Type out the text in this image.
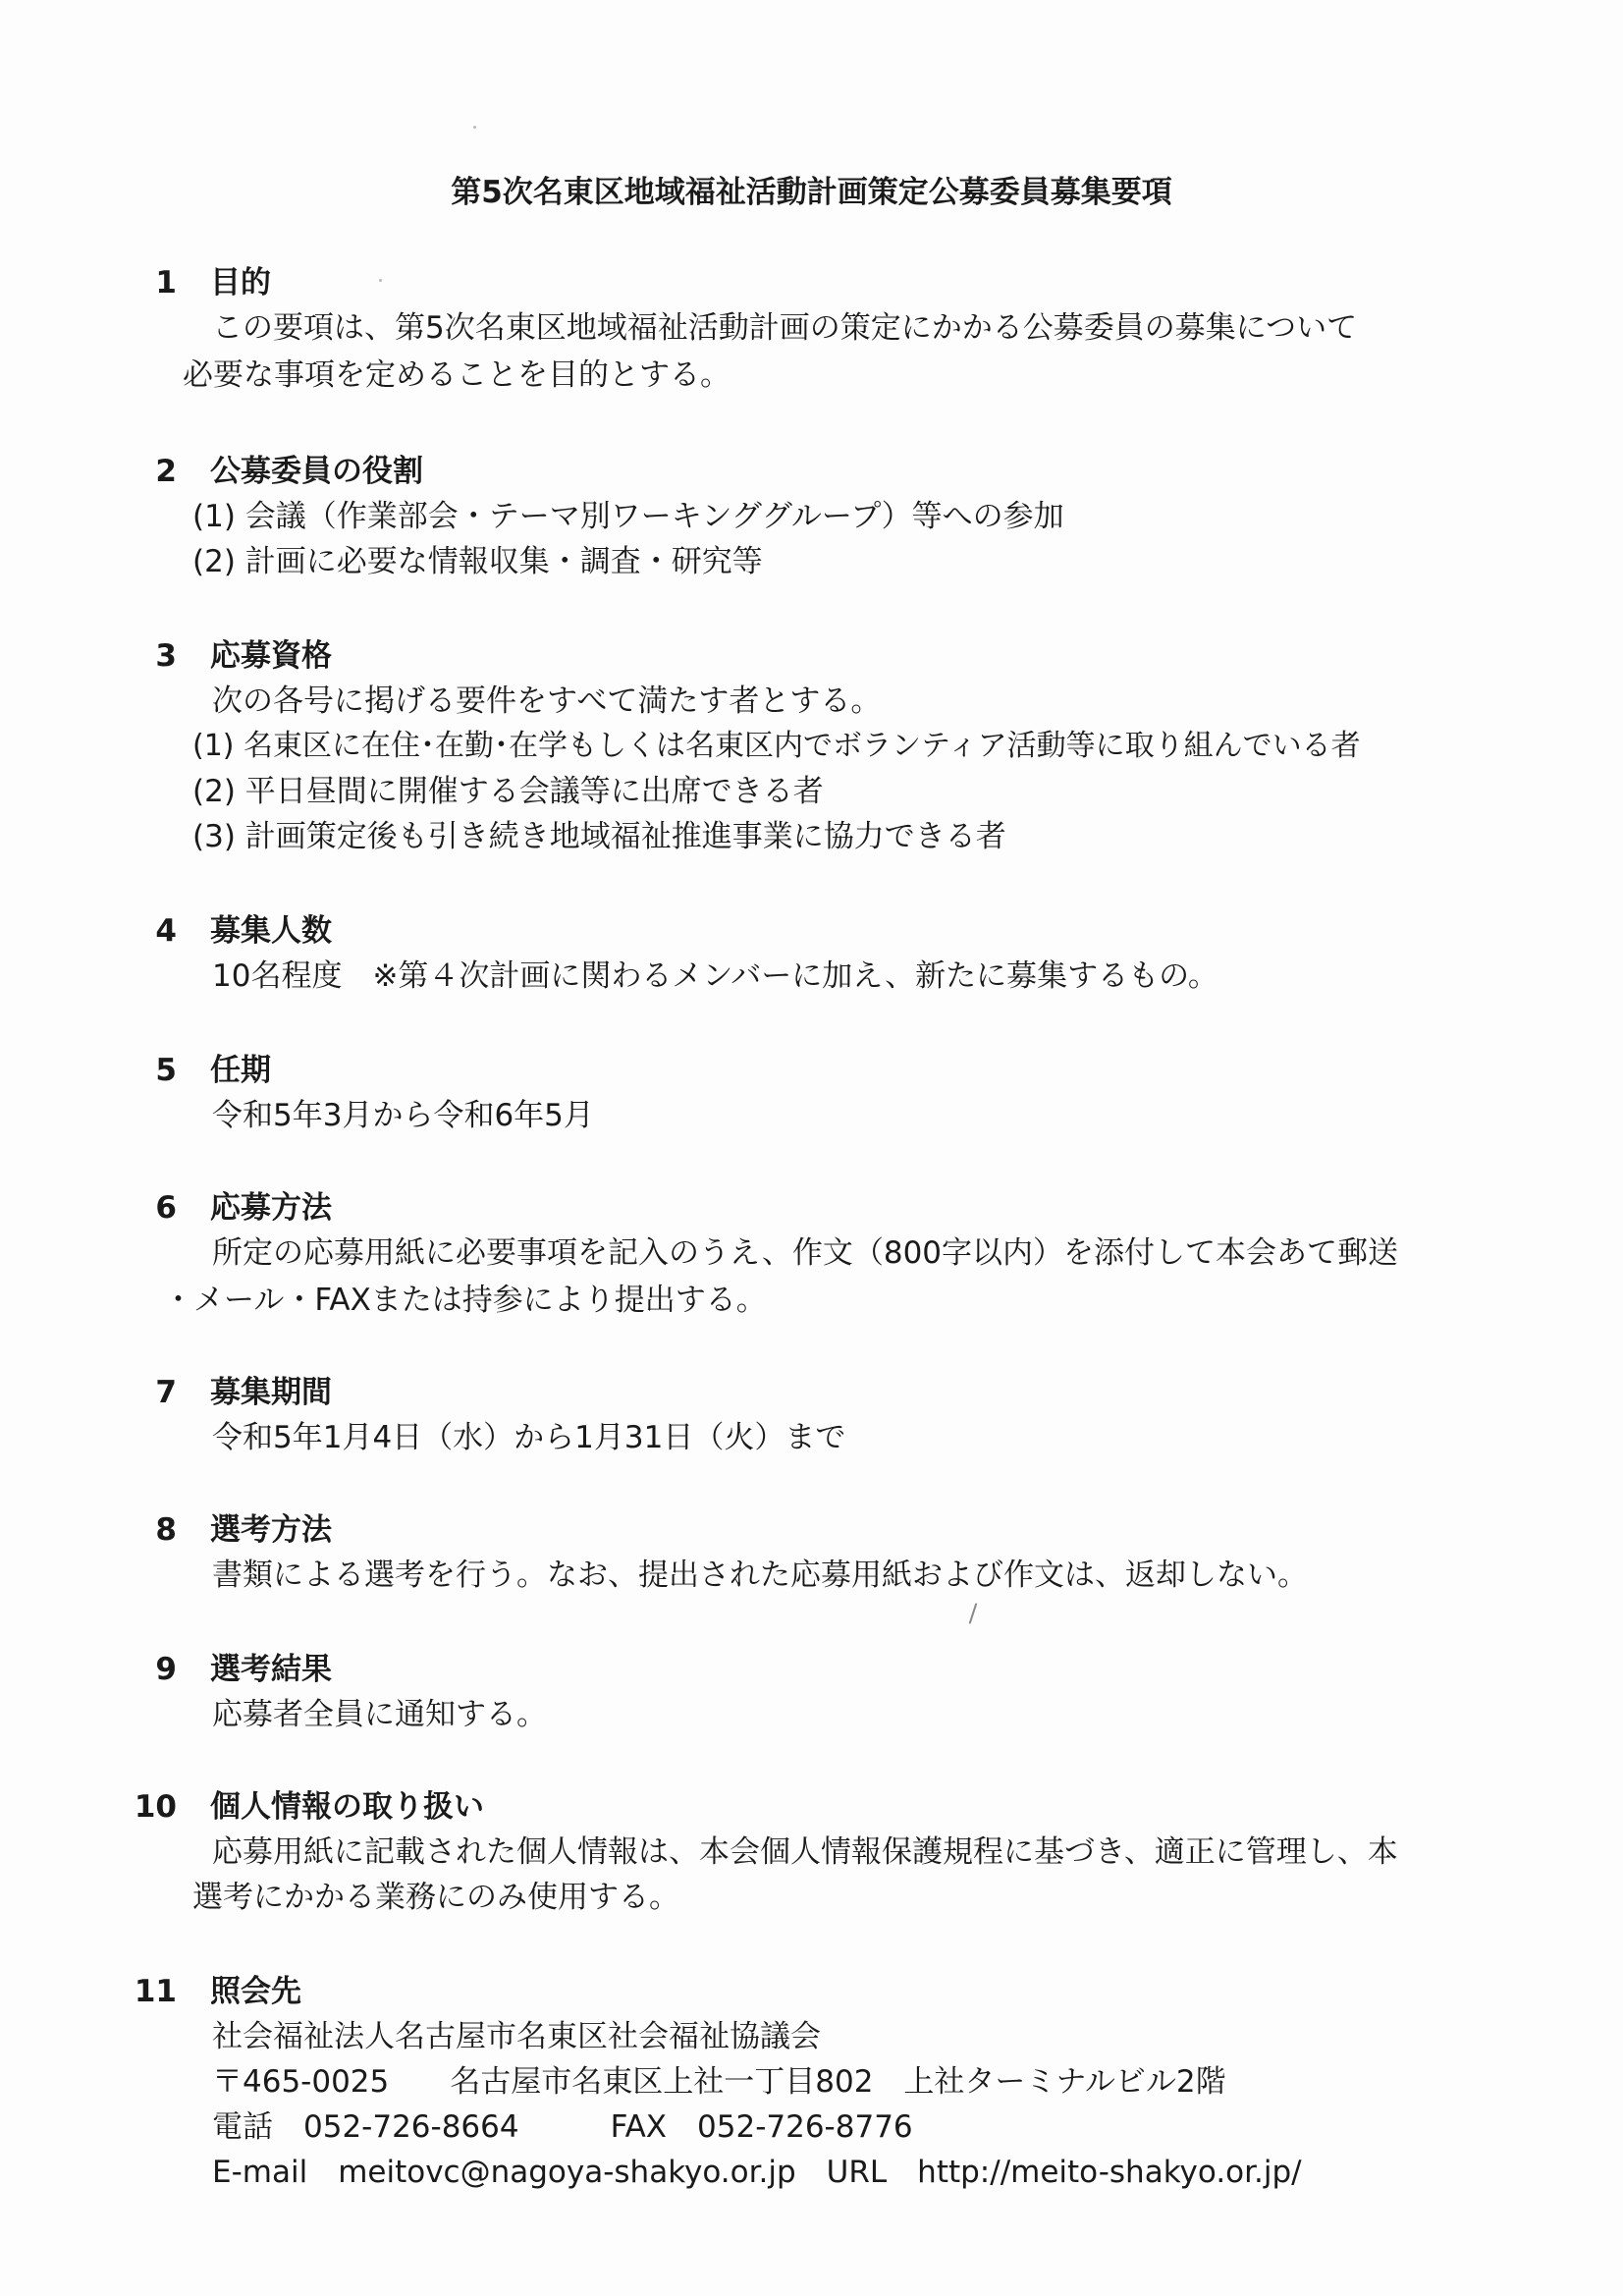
第5次名東区地域福祉活動計画策定公募委員募集要項
1 目的
この要項は、第5次名東区地域福祉活動計画の策定にかかる公募委員の募集について
必要な事項を定めることを目的とする。
2 公募委員の役割
(1) 会議（作業部会・テーマ別ワーキンググループ）等への参加
(2) 計画に必要な情報収集・調査・研究等
3 応募資格
次の各号に掲げる要件をすべて満たす者とする。
(1) 名東区に在住･在勤･在学もしくは名東区内でボランティア活動等に取り組んでいる者
(2) 平日昼間に開催する会議等に出席できる者
(3) 計画策定後も引き続き地域福祉推進事業に協力できる者
4 募集人数
10名程度　※第４次計画に関わるメンバーに加え、新たに募集するもの。
5 任期
令和5年3月から令和6年5月
6 応募方法
所定の応募用紙に必要事項を記入のうえ、作文（800字以内）を添付して本会あて郵送
・メール・FAXまたは持参により提出する。
7 募集期間
令和5年1月4日（水）から1月31日（火）まで
8 選考方法
書類による選考を行う。なお、提出された応募用紙および作文は、返却しない。
9 選考結果
応募者全員に通知する。
10 個人情報の取り扱い
応募用紙に記載された個人情報は、本会個人情報保護規程に基づき、適正に管理し、本
選考にかかる業務にのみ使用する。
11 照会先
社会福祉法人名古屋市名東区社会福祉協議会
〒465-0025　　名古屋市名東区上社一丁目802　上社ターミナルビル2階
電話　052-726-8664　　　FAX　052-726-8776
E-mail　meitovc@nagoya-shakyo.or.jp　URL　http://meito-shakyo.or.jp/
